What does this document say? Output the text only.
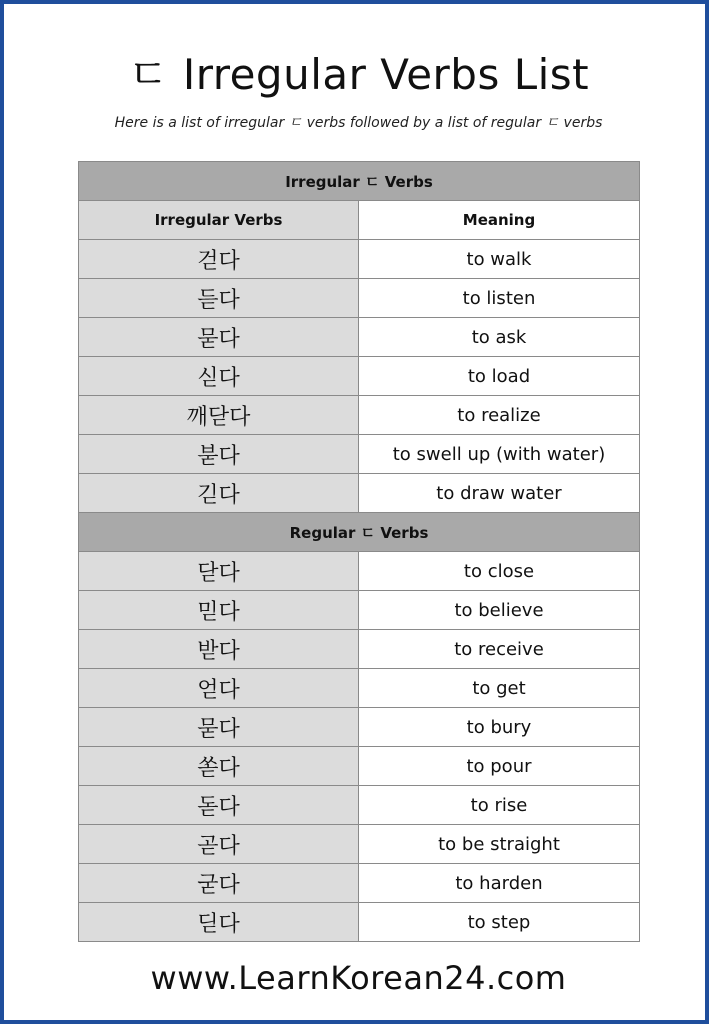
ㄷ Irregular Verbs List
Here is a list of irregular ㄷ verbs followed by a list of regular ㄷ verbs
Irregular ㄷ Verbs	
Irregular Verbs	Meaning
걷다	to walk
듣다	to listen
묻다	to ask
싣다	to load
깨닫다	to realize
붇다	to swell up (with water)
긷다	to draw water
Regular ㄷ Verbs	
닫다	to close
믿다	to believe
받다	to receive
얻다	to get
묻다	to bury
쏟다	to pour
돋다	to rise
곧다	to be straight
굳다	to harden
딛다	to step
www.LearnKorean24.com
